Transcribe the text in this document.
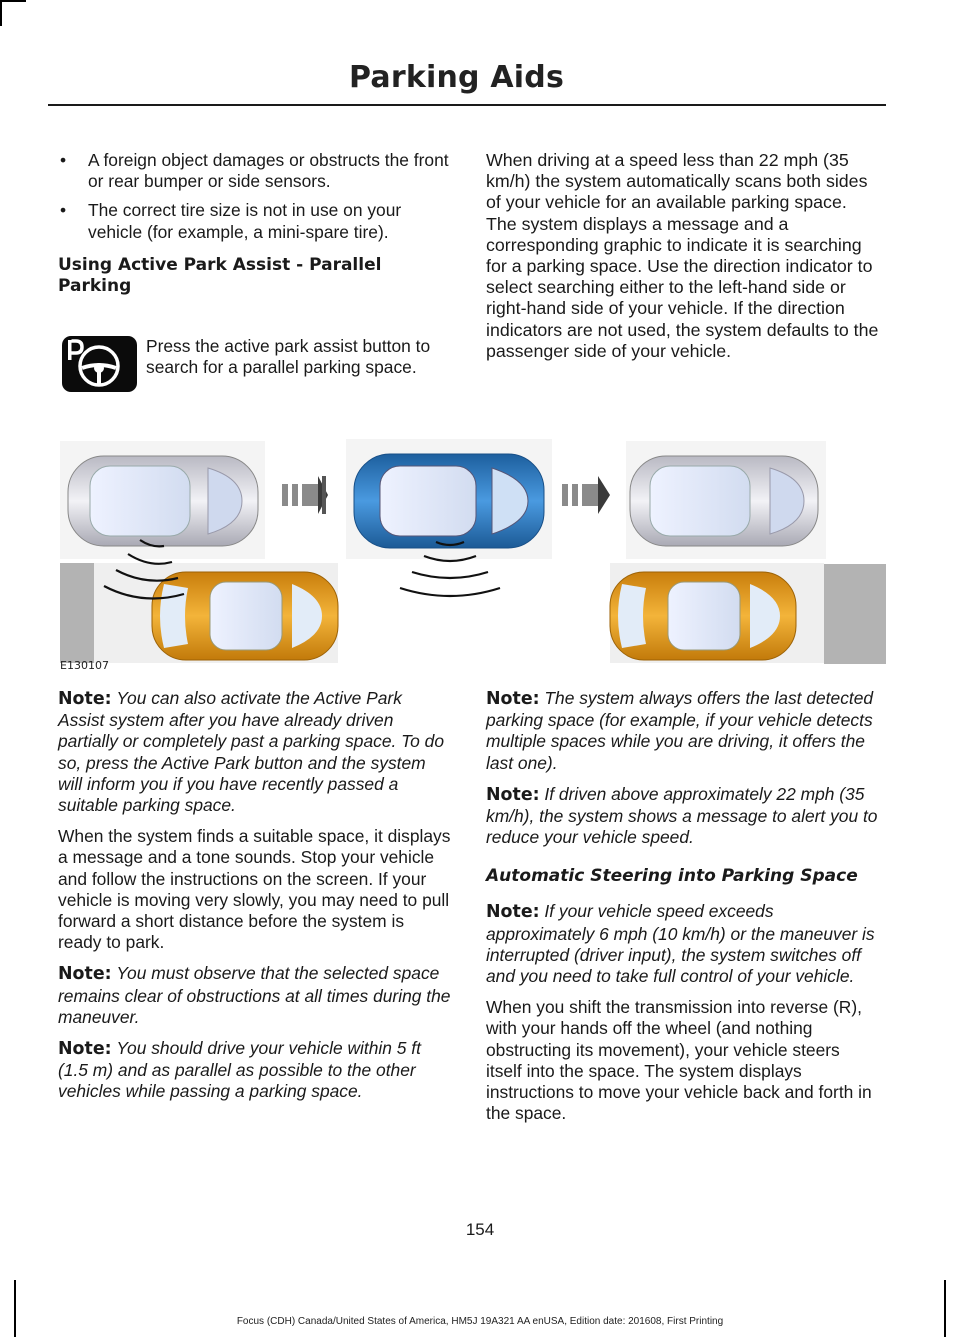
Parking Aids
• A foreign object damages or obstructs the front or rear bumper or side sensors.
• The correct tire size is not in use on your vehicle (for example, a mini-spare tire).
Using Active Park Assist - Parallel Parking
Press the active park assist button to search for a parallel parking space.

When driving at a speed less than 22 mph (35 km/h) the system automatically scans both sides of your vehicle for an available parking space. The system displays a message and a corresponding graphic to indicate it is searching for a parking space. Use the direction indicator to select searching either to the left-hand side or right-hand side of your vehicle. If the direction indicators are not used, the system defaults to the passenger side of your vehicle.

E130107

Note: You can also activate the Active Park Assist system after you have already driven partially or completely past a parking space. To do so, press the Active Park button and the system will inform you if you have recently passed a suitable parking space.

When the system finds a suitable space, it displays a message and a tone sounds. Stop your vehicle and follow the instructions on the screen. If your vehicle is moving very slowly, you may need to pull forward a short distance before the system is ready to park.

Note: You must observe that the selected space remains clear of obstructions at all times during the maneuver.

Note: You should drive your vehicle within 5 ft (1.5 m) and as parallel as possible to the other vehicles while passing a parking space.

Note: The system always offers the last detected parking space (for example, if your vehicle detects multiple spaces while you are driving, it offers the last one).

Note: If driven above approximately 22 mph (35 km/h), the system shows a message to alert you to reduce your vehicle speed.

Automatic Steering into Parking Space

Note: If your vehicle speed exceeds approximately 6 mph (10 km/h) or the maneuver is interrupted (driver input), the system switches off and you need to take full control of your vehicle.

When you shift the transmission into reverse (R), with your hands off the wheel (and nothing obstructing its movement), your vehicle steers itself into the space. The system displays instructions to move your vehicle back and forth in the space.

154
Focus (CDH) Canada/United States of America, HM5J 19A321 AA enUSA, Edition date: 201608, First Printing
